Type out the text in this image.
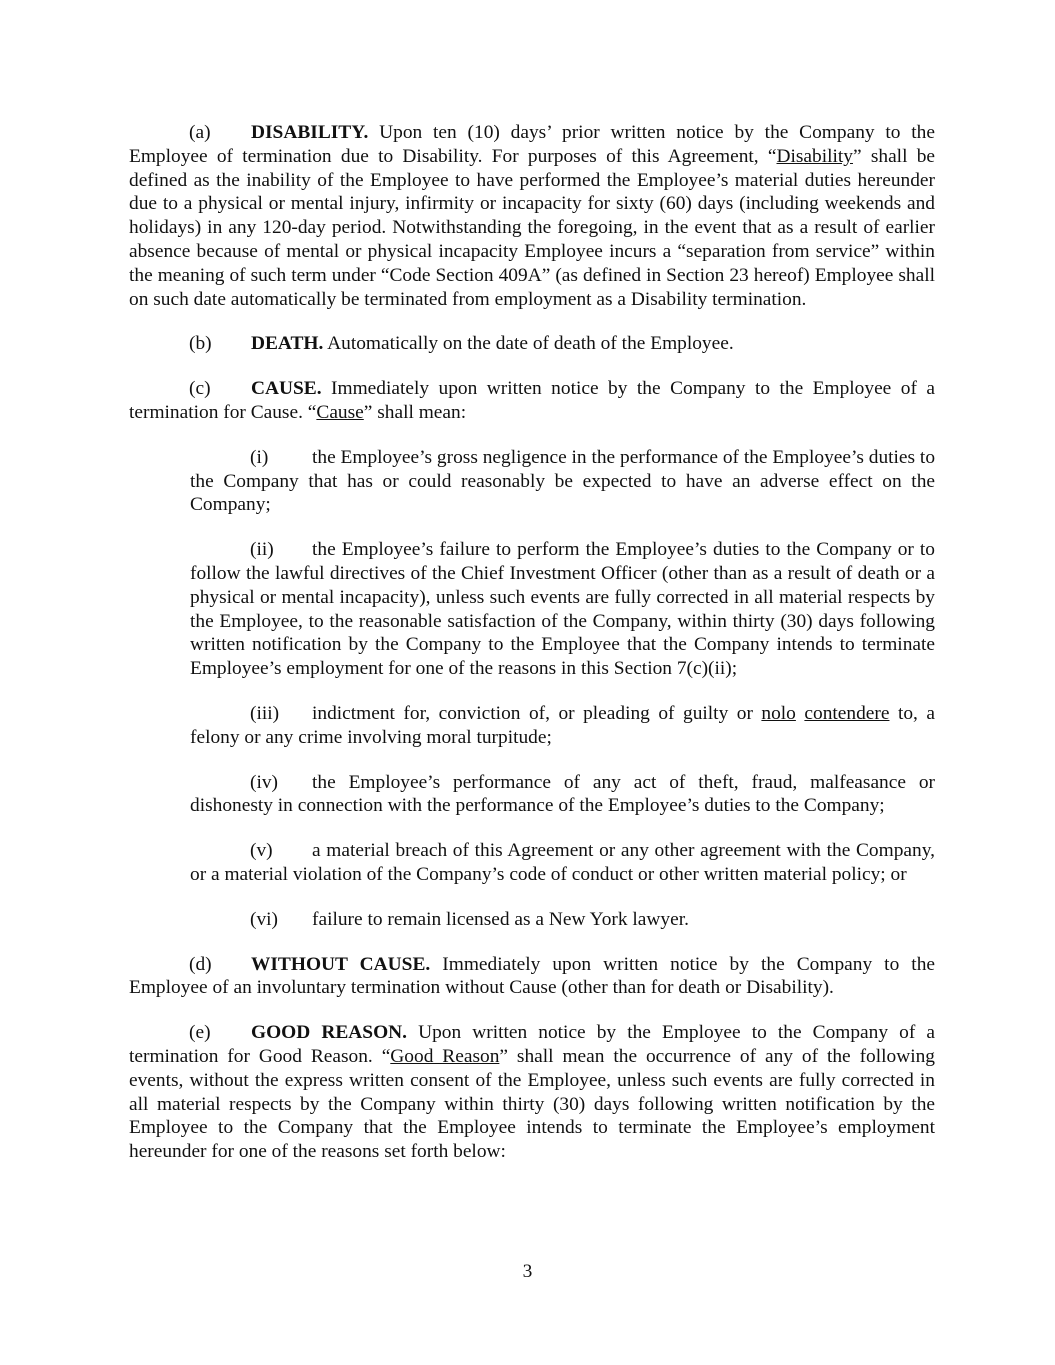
(a) DISABILITY. Upon ten (10) days’ prior written notice by the Company to the Employee of termination due to Disability. For purposes of this Agreement, “Disability” shall be defined as the inability of the Employee to have performed the Employee’s material duties hereunder due to a physical or mental injury, infirmity or incapacity for sixty (60) days (including weekends and holidays) in any 120-day period. Notwithstanding the foregoing, in the event that as a result of earlier absence because of mental or physical incapacity Employee incurs a “separation from service” within the meaning of such term under “Code Section 409A” (as defined in Section 23 hereof) Employee shall on such date automatically be terminated from employment as a Disability termination.

(b) DEATH. Automatically on the date of death of the Employee.

(c) CAUSE. Immediately upon written notice by the Company to the Employee of a termination for Cause. “Cause” shall mean:

(i) the Employee’s gross negligence in the performance of the Employee’s duties to the Company that has or could reasonably be expected to have an adverse effect on the Company;

(ii) the Employee’s failure to perform the Employee’s duties to the Company or to follow the lawful directives of the Chief Investment Officer (other than as a result of death or a physical or mental incapacity), unless such events are fully corrected in all material respects by the Employee, to the reasonable satisfaction of the Company, within thirty (30) days following written notification by the Company to the Employee that the Company intends to terminate Employee’s employment for one of the reasons in this Section 7(c)(ii);

(iii) indictment for, conviction of, or pleading of guilty or nolo contendere to, a felony or any crime involving moral turpitude;

(iv) the Employee’s performance of any act of theft, fraud, malfeasance or dishonesty in connection with the performance of the Employee’s duties to the Company;

(v) a material breach of this Agreement or any other agreement with the Company, or a material violation of the Company’s code of conduct or other written material policy; or

(vi) failure to remain licensed as a New York lawyer.

(d) WITHOUT CAUSE. Immediately upon written notice by the Company to the Employee of an involuntary termination without Cause (other than for death or Disability).

(e) GOOD REASON. Upon written notice by the Employee to the Company of a termination for Good Reason. “Good Reason” shall mean the occurrence of any of the following events, without the express written consent of the Employee, unless such events are fully corrected in all material respects by the Company within thirty (30) days following written notification by the Employee to the Company that the Employee intends to terminate the Employee’s employment hereunder for one of the reasons set forth below:

3
